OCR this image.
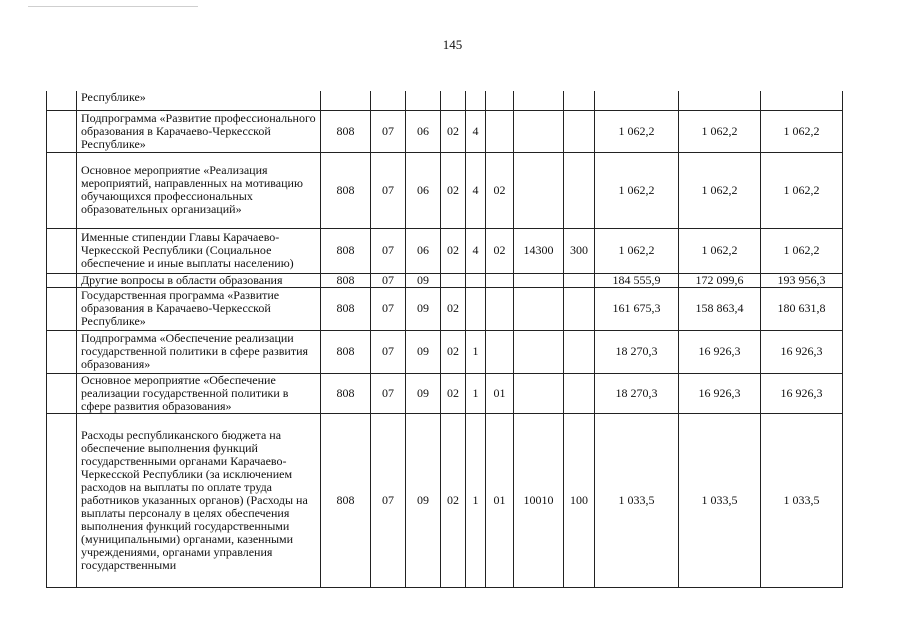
145
	Республике»											
	Подпрограмма «Развитие профессионального образования в Карачаево-Черкесской Республике»	808	07	06	02	4				1 062,2	1 062,2	1 062,2
	Основное мероприятие «Реализация мероприятий, направленных на мотивацию обучающихся профессиональных образовательных организаций»	808	07	06	02	4	02			1 062,2	1 062,2	1 062,2
	Именные стипендии Главы Карачаево-Черкесской Республики (Социальное обеспечение и иные выплаты населению)	808	07	06	02	4	02	14300	300	1 062,2	1 062,2	1 062,2
	Другие вопросы в области образования	808	07	09						184 555,9	172 099,6	193 956,3
	Государственная программа «Развитие образования в Карачаево-Черкесской Республике»	808	07	09	02					161 675,3	158 863,4	180 631,8
	Подпрограмма «Обеспечение реализации государственной политики в сфере развития образования»	808	07	09	02	1				18 270,3	16 926,3	16 926,3
	Основное мероприятие «Обеспечение реализации государственной политики в сфере развития образования»	808	07	09	02	1	01			18 270,3	16 926,3	16 926,3
	Расходы республиканского бюджета на обеспечение выполнения функций государственными органами Карачаево-Черкесской Республики (за исключением расходов на выплаты по оплате труда работников указанных органов) (Расходы на выплаты персоналу в целях обеспечения выполнения функций государственными (муниципальными) органами, казенными учреждениями, органами управления государственными	808	07	09	02	1	01	10010	100	1 033,5	1 033,5	1 033,5
